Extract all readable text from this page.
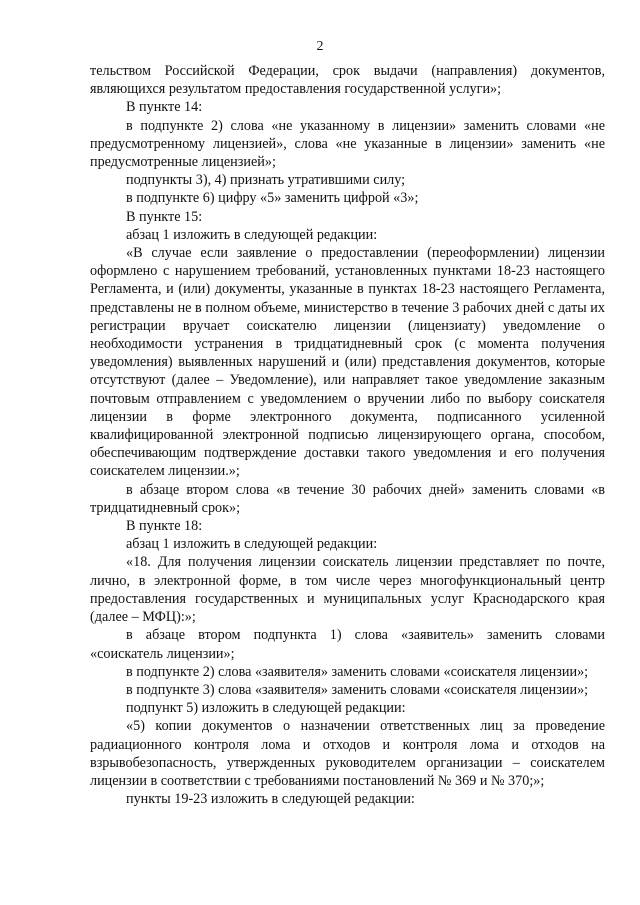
2

тельством Российской Федерации, срок выдачи (направления) документов, являющихся результатом предоставления государственной услуги»;

В пункте 14:

в подпункте 2) слова «не указанному в лицензии» заменить словами «не предусмотренному лицензией», слова «не указанные в лицензии» заменить «не предусмотренные лицензией»;

подпункты 3), 4) признать утратившими силу;

в подпункте 6) цифру «5» заменить цифрой «3»;

В пункте 15:

абзац 1 изложить в следующей редакции:

«В случае если заявление о предоставлении (переоформлении) лицензии оформлено с нарушением требований, установленных пунктами 18-23 настоящего Регламента, и (или) документы, указанные в пунктах 18-23 настоящего Регламента, представлены не в полном объеме, министерство в течение 3 рабочих дней с даты их регистрации вручает соискателю лицензии (лицензиату) уведомление о необходимости устранения в тридцатидневный срок (с момента получения уведомления) выявленных нарушений и (или) представления документов, которые отсутствуют (далее – Уведомление), или направляет такое уведомление заказным почтовым отправлением с уведомлением о вручении либо по выбору соискателя лицензии в форме электронного документа, подписанного усиленной квалифицированной электронной подписью лицензирующего органа, способом, обеспечивающим подтверждение доставки такого уведомления и его получения соискателем лицензии.»;

в абзаце втором слова «в течение 30 рабочих дней» заменить словами «в тридцатидневный срок»;

В пункте 18:

абзац 1 изложить в следующей редакции:

«18. Для получения лицензии соискатель лицензии представляет по почте, лично, в электронной форме, в том числе через многофункциональный центр предоставления государственных и муниципальных услуг Краснодарского края (далее – МФЦ):»;

в абзаце втором подпункта 1) слова «заявитель» заменить словами «соискатель лицензии»;

в подпункте 2) слова «заявителя» заменить словами «соискателя лицензии»;

в подпункте 3) слова «заявителя» заменить словами «соискателя лицензии»;

подпункт 5) изложить в следующей редакции:

«5) копии документов о назначении ответственных лиц за проведение радиационного контроля лома и отходов и контроля лома и отходов на взрывобезопасность, утвержденных руководителем организации – соискателем лицензии в соответствии с требованиями постановлений № 369 и № 370;»;

пункты 19-23 изложить в следующей редакции:
